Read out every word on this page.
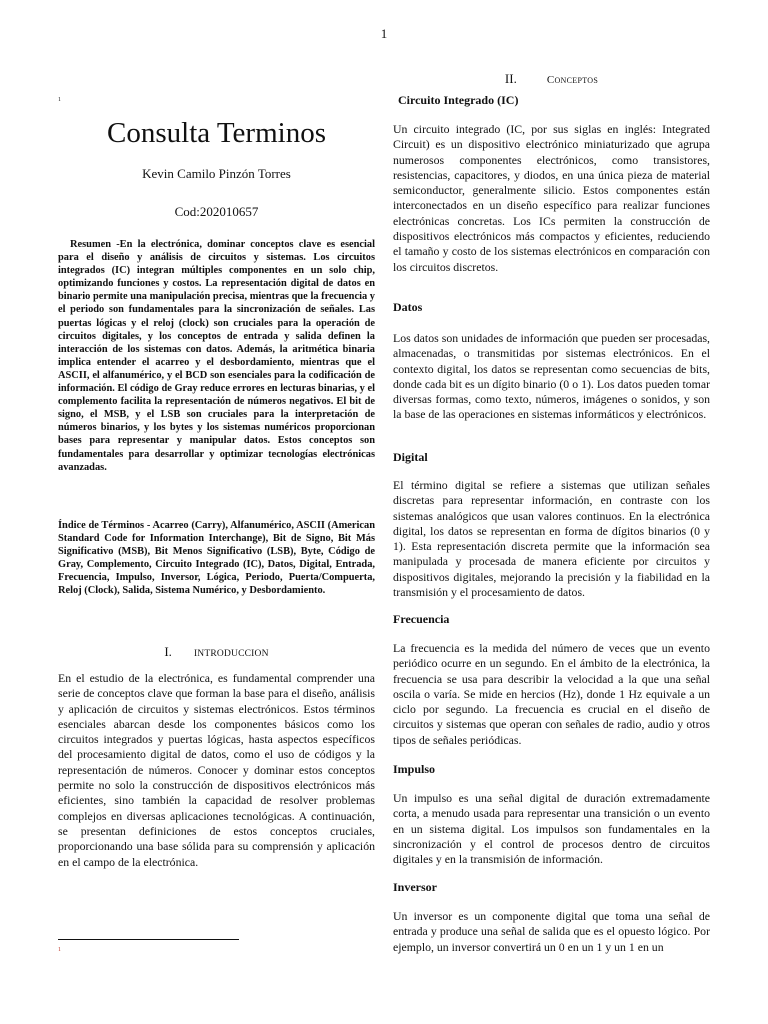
1
1
Consulta Terminos
Kevin Camilo Pinzón Torres
Cod:202010657
Resumen -En la electrónica, dominar conceptos clave es esencial para el diseño y análisis de circuitos y sistemas. Los circuitos integrados (IC) integran múltiples componentes en un solo chip, optimizando funciones y costos. La representación digital de datos en binario permite una manipulación precisa, mientras que la frecuencia y el periodo son fundamentales para la sincronización de señales. Las puertas lógicas y el reloj (clock) son cruciales para la operación de circuitos digitales, y los conceptos de entrada y salida definen la interacción de los sistemas con datos. Además, la aritmética binaria implica entender el acarreo y el desbordamiento, mientras que el ASCII, el alfanumérico, y el BCD son esenciales para la codificación de información. El código de Gray reduce errores en lecturas binarias, y el complemento facilita la representación de números negativos. El bit de signo, el MSB, y el LSB son cruciales para la interpretación de números binarios, y los bytes y los sistemas numéricos proporcionan bases para representar y manipular datos. Estos conceptos son fundamentales para desarrollar y optimizar tecnologías electrónicas avanzadas.
Índice de Términos - Acarreo (Carry), Alfanumérico, ASCII (American Standard Code for Information Interchange), Bit de Signo, Bit Más Significativo (MSB), Bit Menos Significativo (LSB), Byte, Código de Gray, Complemento, Circuito Integrado (IC), Datos, Digital, Entrada, Frecuencia, Impulso, Inversor, Lógica, Periodo, Puerta/Compuerta, Reloj (Clock), Salida, Sistema Numérico, y Desbordamiento.
I. INTRODUCCION
En el estudio de la electrónica, es fundamental comprender una serie de conceptos clave que forman la base para el diseño, análisis y aplicación de circuitos y sistemas electrónicos. Estos términos esenciales abarcan desde los componentes básicos como los circuitos integrados y puertas lógicas, hasta aspectos específicos del procesamiento digital de datos, como el uso de códigos y la representación de números. Conocer y dominar estos conceptos permite no solo la construcción de dispositivos electrónicos más eficientes, sino también la capacidad de resolver problemas complejos en diversas aplicaciones tecnológicas. A continuación, se presentan definiciones de estos conceptos cruciales, proporcionando una base sólida para su comprensión y aplicación en el campo de la electrónica.
1
II.	Conceptos
Circuito Integrado (IC)
Un circuito integrado (IC, por sus siglas en inglés: Integrated Circuit) es un dispositivo electrónico miniaturizado que agrupa numerosos componentes electrónicos, como transistores, resistencias, capacitores, y diodos, en una única pieza de material semiconductor, generalmente silicio. Estos componentes están interconectados en un diseño específico para realizar funciones electrónicas concretas. Los ICs permiten la construcción de dispositivos electrónicos más compactos y eficientes, reduciendo el tamaño y costo de los sistemas electrónicos en comparación con los circuitos discretos.
Datos
Los datos son unidades de información que pueden ser procesadas, almacenadas, o transmitidas por sistemas electrónicos. En el contexto digital, los datos se representan como secuencias de bits, donde cada bit es un dígito binario (0 o 1). Los datos pueden tomar diversas formas, como texto, números, imágenes o sonidos, y son la base de las operaciones en sistemas informáticos y electrónicos.
Digital
El término digital se refiere a sistemas que utilizan señales discretas para representar información, en contraste con los sistemas analógicos que usan valores continuos. En la electrónica digital, los datos se representan en forma de dígitos binarios (0 y 1). Esta representación discreta permite que la información sea manipulada y procesada de manera eficiente por circuitos y dispositivos digitales, mejorando la precisión y la fiabilidad en la transmisión y el procesamiento de datos.
Frecuencia
La frecuencia es la medida del número de veces que un evento periódico ocurre en un segundo. En el ámbito de la electrónica, la frecuencia se usa para describir la velocidad a la que una señal oscila o varía. Se mide en hercios (Hz), donde 1 Hz equivale a un ciclo por segundo. La frecuencia es crucial en el diseño de circuitos y sistemas que operan con señales de radio, audio y otros tipos de señales periódicas.
Impulso
Un impulso es una señal digital de duración extremadamente corta, a menudo usada para representar una transición o un evento en un sistema digital. Los impulsos son fundamentales en la sincronización y el control de procesos dentro de circuitos digitales y en la transmisión de información.
Inversor
Un inversor es un componente digital que toma una señal de entrada y produce una señal de salida que es el opuesto lógico. Por ejemplo, un inversor convertirá un 0 en un 1 y un 1 en un
